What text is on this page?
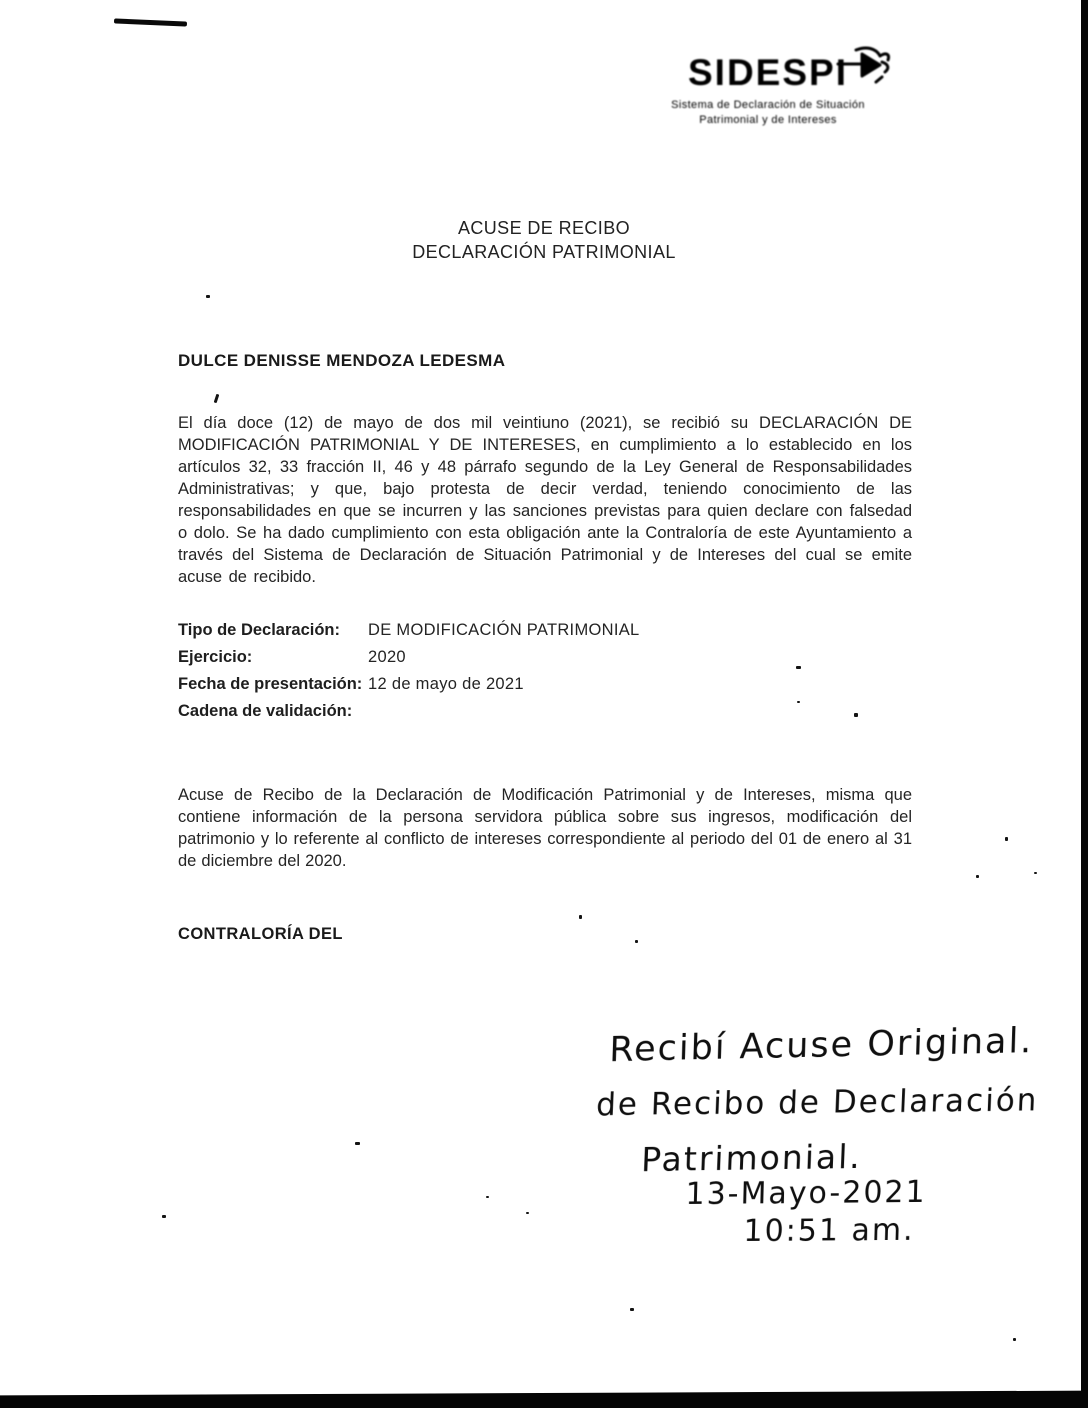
SIDESPI
Sistema de Declaración de Situación
Patrimonial y de Intereses
ACUSE DE RECIBO
DECLARACIÓN PATRIMONIAL
DULCE DENISSE MENDOZA LEDESMA
El día doce (12) de mayo de dos mil veintiuno (2021), se recibió su DECLARACIÓN DE MODIFICACIÓN PATRIMONIAL Y DE INTERESES, en cumplimiento a lo establecido en los artículos 32, 33 fracción II, 46 y 48 párrafo segundo de la Ley General de Responsabilidades Administrativas; y que, bajo protesta de decir verdad, teniendo conocimiento de las responsabilidades en que se incurren y las sanciones previstas para quien declare con falsedad o dolo. Se ha dado cumplimiento con esta obligación ante la Contraloría de este Ayuntamiento a través del Sistema de Declaración de Situación Patrimonial y de Intereses del cual se emite acuse de recibido.
Tipo de Declaración:	DE MODIFICACIÓN PATRIMONIAL
Ejercicio:	2020
Fecha de presentación: 12 de mayo de 2021
Cadena de validación:
Acuse de Recibo de la Declaración de Modificación Patrimonial y de Intereses, misma que contiene información de la persona servidora pública sobre sus ingresos, modificación del patrimonio y lo referente al conflicto de intereses correspondiente al periodo del 01 de enero al 31 de diciembre del 2020.
CONTRALORÍA DEL
Recibí Acuse Original.
de Recibo de Declaración
Patrimonial.
13-Mayo-2021
10:51 am.
